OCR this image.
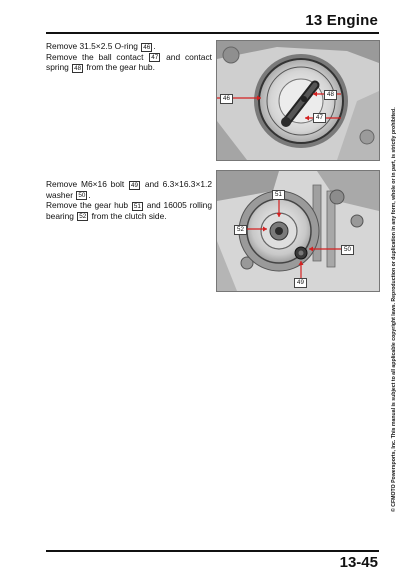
13 Engine

Remove 31.5×2.5 O-ring 46 .

Remove the ball contact 47 and contact spring 48 from the gear hub.

46
48
47

Remove M6×16 bolt 49 and 6.3×16.3×1.2 washer 50 .

Remove the gear hub 51 and 16005 rolling bearing 52 from the clutch side.

51
52
50
49	© CFMOTO Powersports, Inc. This manual is subject to all applicable copyright laws. Reproduction or duplication in any form, whole or in part, is strictly prohibited.
13-45
